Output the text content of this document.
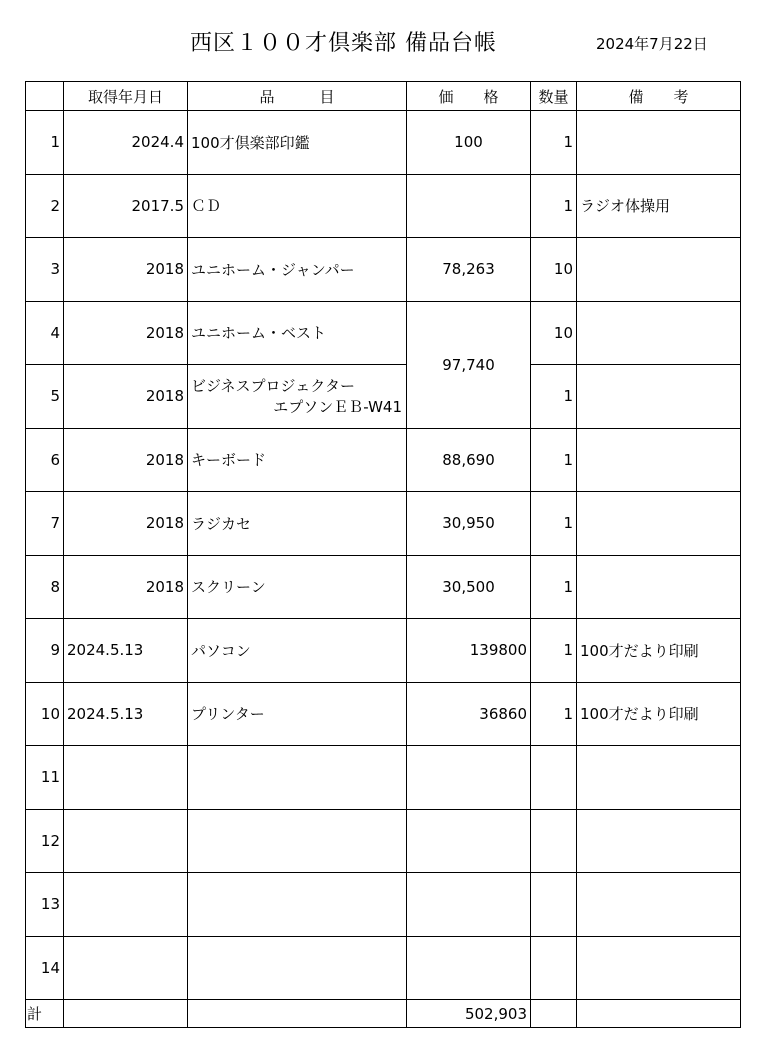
西区１００才倶楽部 備品台帳	2024年7月22日
	取得年月日	品　　　目	価　　格	数量	備　　考
1	2024.4	100才倶楽部印鑑	100	1	
2	2017.5	ＣＤ		1	ラジオ体操用
3	2018	ユニホーム・ジャンパー	78,263	10	
4	2018	ユニホーム・ベスト	97,740	10	
5	2018	ビジネスプロジェクター
エプソンＥＢ-W41		1	
6	2018	キーボード	88,690	1	
7	2018	ラジカセ	30,950	1	
8	2018	スクリーン	30,500	1	
9	2024.5.13	パソコン	139800	1	100才だより印刷
10	2024.5.13	プリンター	36860	1	100才だより印刷
11					
12					
13					
14					
計			502,903		
